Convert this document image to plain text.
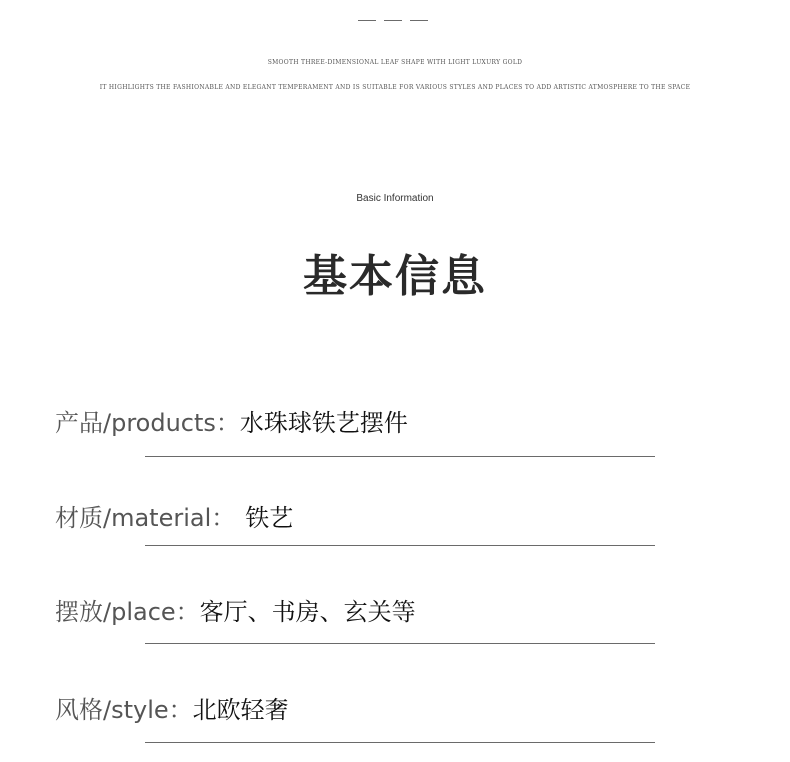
SMOOTH THREE-DIMENSIONAL LEAF SHAPE WITH LIGHT LUXURY GOLD
IT HIGHLIGHTS THE FASHIONABLE AND ELEGANT TEMPERAMENT AND IS SUITABLE FOR VARIOUS STYLES AND PLACES TO ADD ARTISTIC ATMOSPHERE TO THE SPACE
Basic Information
基本信息
产品/products：水珠球铁艺摆件
材质/material： 铁艺
摆放/place：客厅、书房、玄关等
风格/style：北欧轻奢
